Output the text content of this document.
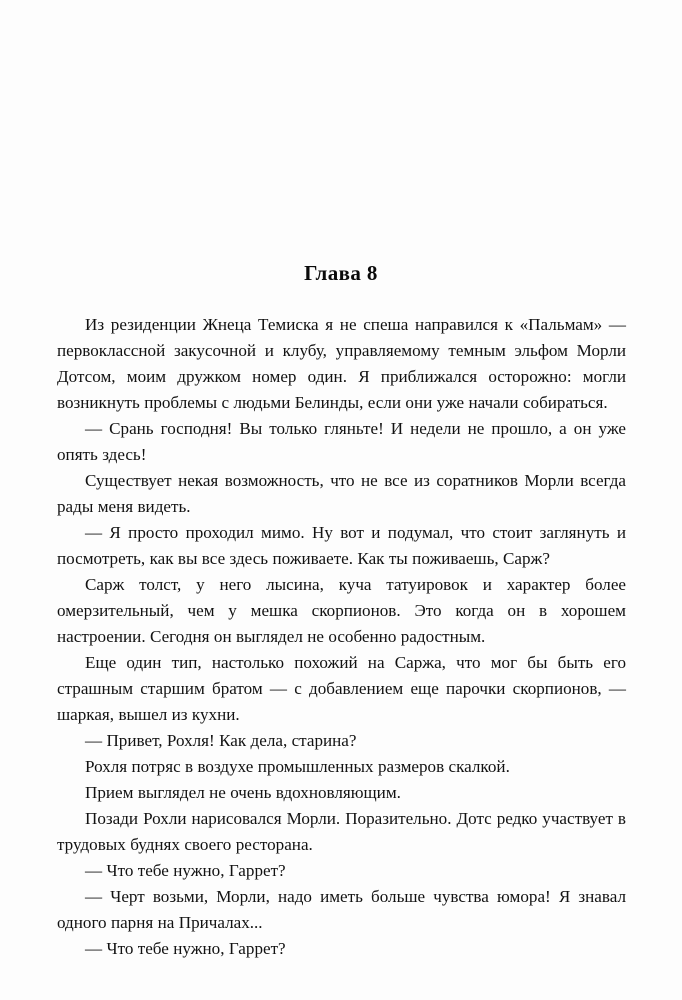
Глава 8

Из резиденции Жнеца Темиска я не спеша направился к «Пальмам» — первоклассной закусочной и клубу, управляемому темным эльфом Морли Дотсом, моим дружком номер один. Я приближался осторожно: могли возникнуть проблемы с людьми Белинды, если они уже начали собираться.

— Срань господня! Вы только гляньте! И недели не прошло, а он уже опять здесь!

Существует некая возможность, что не все из соратников Морли всегда рады меня видеть.

— Я просто проходил мимо. Ну вот и подумал, что стоит заглянуть и посмотреть, как вы все здесь поживаете. Как ты поживаешь, Сарж?

Сарж толст, у него лысина, куча татуировок и характер более омерзительный, чем у мешка скорпионов. Это когда он в хорошем настроении. Сегодня он выглядел не особенно радостным.

Еще один тип, настолько похожий на Саржа, что мог бы быть его страшным старшим братом — с добавлением еще парочки скорпионов, — шаркая, вышел из кухни.

— Привет, Рохля! Как дела, старина?

Рохля потряс в воздухе промышленных размеров скалкой.

Прием выглядел не очень вдохновляющим.

Позади Рохли нарисовался Морли. Поразительно. Дотс редко участвует в трудовых буднях своего ресторана.

— Что тебе нужно, Гаррет?

— Черт возьми, Морли, надо иметь больше чувства юмора! Я знавал одного парня на Причалах...

— Что тебе нужно, Гаррет?
